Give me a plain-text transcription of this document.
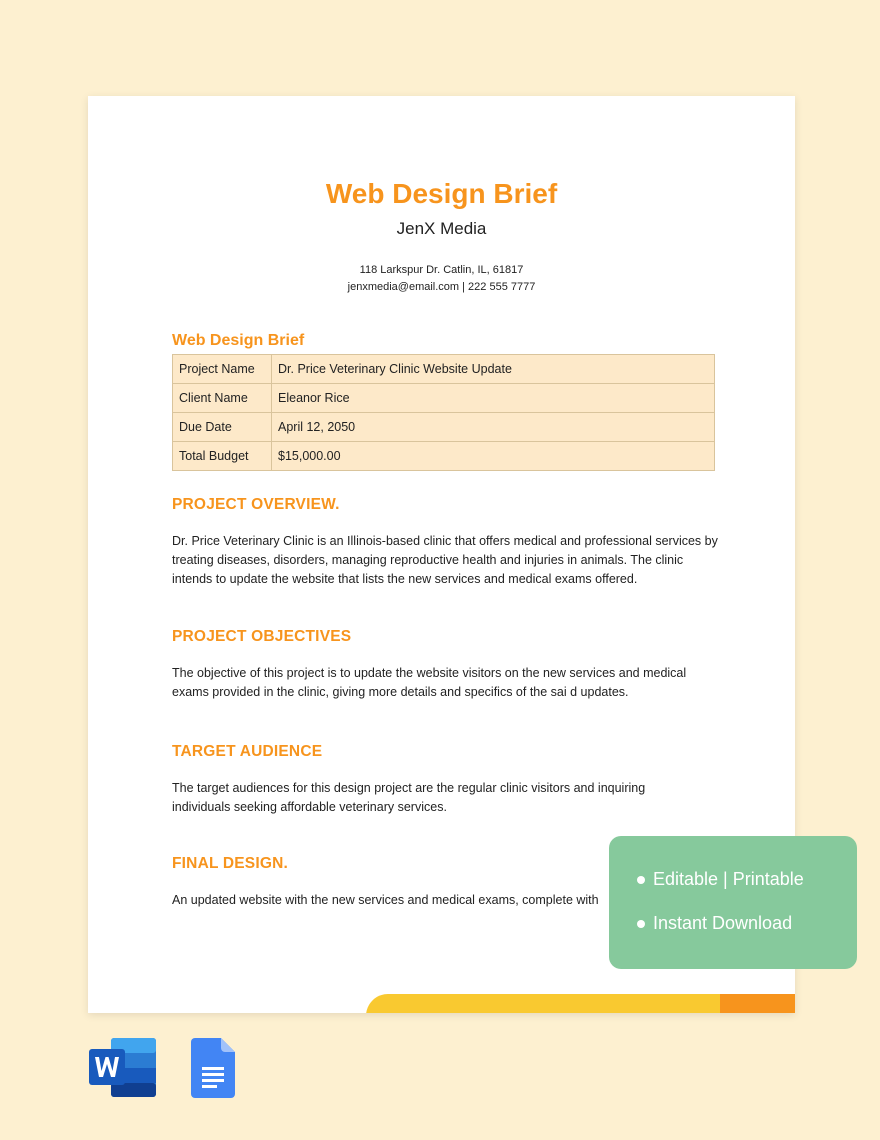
Web Design Brief
JenX Media
118 Larkspur Dr. Catlin, IL, 61817
jenxmedia@email.com | 222 555 7777
Web Design Brief
Project Name	Dr. Price Veterinary Clinic Website Update
Client Name	Eleanor Rice
Due Date	April 12, 2050
Total Budget	$15,000.00
PROJECT OVERVIEW.
Dr. Price Veterinary Clinic is an Illinois-based clinic that offers medical and professional services by treating diseases, disorders, managing reproductive health and injuries in animals. The clinic intends to update the website that lists the new services and medical exams offered.
PROJECT OBJECTIVES
The objective of this project is to update the website visitors on the new services and medical exams provided in the clinic, giving more details and specifics of the sai d updates.
TARGET AUDIENCE
The target audiences for this design project are the regular clinic visitors and inquiring individuals seeking affordable veterinary services.
FINAL DESIGN.
An updated website with the new services and medical exams, complete with
Editable | Printable
Instant Download
